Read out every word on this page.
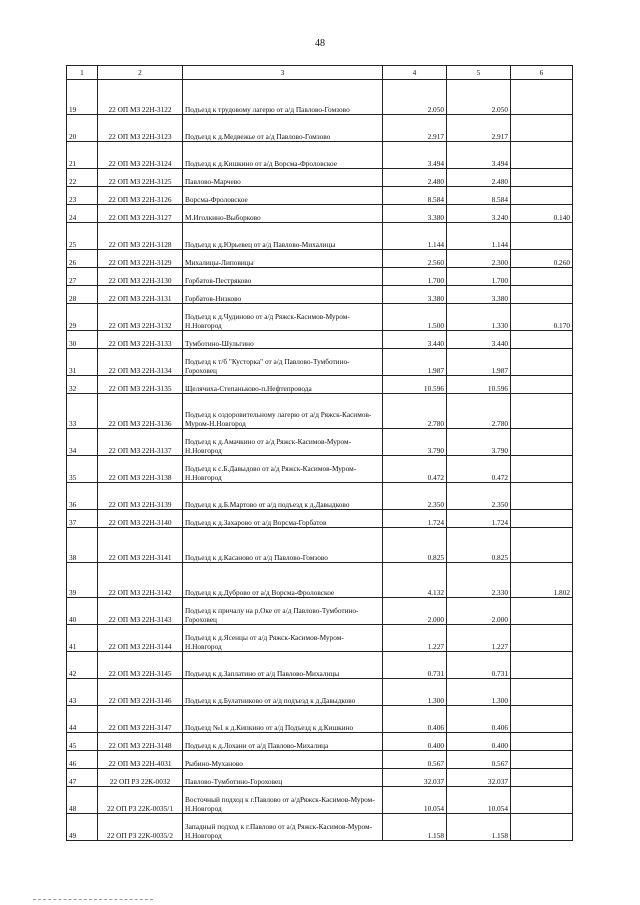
48
1	2	3	4	5	6
19	22 ОП МЗ 22Н-3122	Подъезд к трудовому лагерю от а/д Павлово-Гомзово	2.050	2.050	
20	22 ОП МЗ 22Н-3123	Подъезд к д.Медвежье от а/д Павлово-Гомзово	2.917	2.917	
21	22 ОП МЗ 22Н-3124	Подъезд к д.Кишкино от а/д Ворсма-Фроловское	3.494	3.494	
22	22 ОП МЗ 22Н-3125	Павлово-Марчево	2.480	2.480	
23	22 ОП МЗ 22Н-3126	Ворсма-Фроловское	8.584	8.584	
24	22 ОП МЗ 22Н-3127	М.Иголкино-Выборково	3.380	3.240	0.140
25	22 ОП МЗ 22Н-3128	Подъезд к д.Юрьевец от а/д Павлово-Михалицы	1.144	1.144	
26	22 ОП МЗ 22Н-3129	Михалицы-Липовицы	2.560	2.300	0.260
27	22 ОП МЗ 22Н-3130	Горбатов-Пестряково	1.700	1.700	
28	22 ОП МЗ 22Н-3131	Горбатов-Низково	3.380	3.380	
29	22 ОП МЗ 22Н-3132	Подъезд к д.Чудиново от а/д Ряжск-Касимов-Муром-Н.Новгород	1.500	1.330	0.170
30	22 ОП МЗ 22Н-3133	Тумботино-Шульгино	3.440	3.440	
31	22 ОП МЗ 22Н-3134	Подъезд к т/б "Кусторка" от а/д Павлово-Тумботино-Гороховец	1.987	1.987	
32	22 ОП МЗ 22Н-3135	Щелячиха-Степаньково-п.Нефтепровода	10.596	10.596	
33	22 ОП МЗ 22Н-3136	Подъезд к оздоровительному лагерю от а/д Ряжск-Касимов-Муром-Н.Новгород	2.780	2.780	
34	22 ОП МЗ 22Н-3137	Подъезд к д.Амачкино от а/д Ряжск-Касимов-Муром-Н.Новгород	3.790	3.790	
35	22 ОП МЗ 22Н-3138	Подъезд к с.Б.Давыдово от а/д Ряжск-Касимов-Муром-Н.Новгород	0.472	0.472	
36	22 ОП МЗ 22Н-3139	Подъезд к д.Б.Мартово от а/д подъезд к д.Давыдково	2.350	2.350	
37	22 ОП МЗ 22Н-3140	Подъезд к д.Захарово от а/д Ворсма-Горбатов	1.724	1.724	
38	22 ОП МЗ 22Н-3141	Подъезд к д.Касаново от а/д Павлово-Гомзово	0.825	0.825	
39	22 ОП МЗ 22Н-3142	Подъезд к д.Дуброво от а/д Ворсма-Фроловское	4.132	2.330	1.802
40	22 ОП МЗ 22Н-3143	Подъезд к причалу на р.Оке от а/д Павлово-Тумботино-Гороховец	2.000	2.000	
41	22 ОП МЗ 22Н-3144	Подъезд к д.Ясенцы от а/д Ряжск-Касимов-Муром-Н.Новгород	1.227	1.227	
42	22 ОП МЗ 22Н-3145	Подъезд к д.Заплатино от а/д Павлово-Михалицы	0.731	0.731	
43	22 ОП МЗ 22Н-3146	Подъезд к д.Булатниково от а/д подъезд к д.Давыдково	1.300	1.300	
44	22 ОП МЗ 22Н-3147	Подъезд №1 к д.Кипкино от а/д Подъезд к д.Кишкино	0.406	0.406	
45	22 ОП МЗ 22Н-3148	Подъезд к д.Лохани от а/д Павлово-Михалица	0.400	0.400	
46	22 ОП МЗ 22Н-4031	Рыбино-Муханово	0.567	0.567	
47	22 ОП РЗ 22К-0032	Павлово-Тумботино-Гороховец	32.037	32.037	
48	22 ОП РЗ 22К-0035/1	Восточный подход к г.Павлово от а/дРяжск-Касимов-Муром-Н.Новгород	10.054	10.054	
49	22 ОП РЗ 22К-0035/2	Западный подход к г.Павлово от а/д Ряжск-Касимов-Муром-Н.Новгород	1.158	1.158	
